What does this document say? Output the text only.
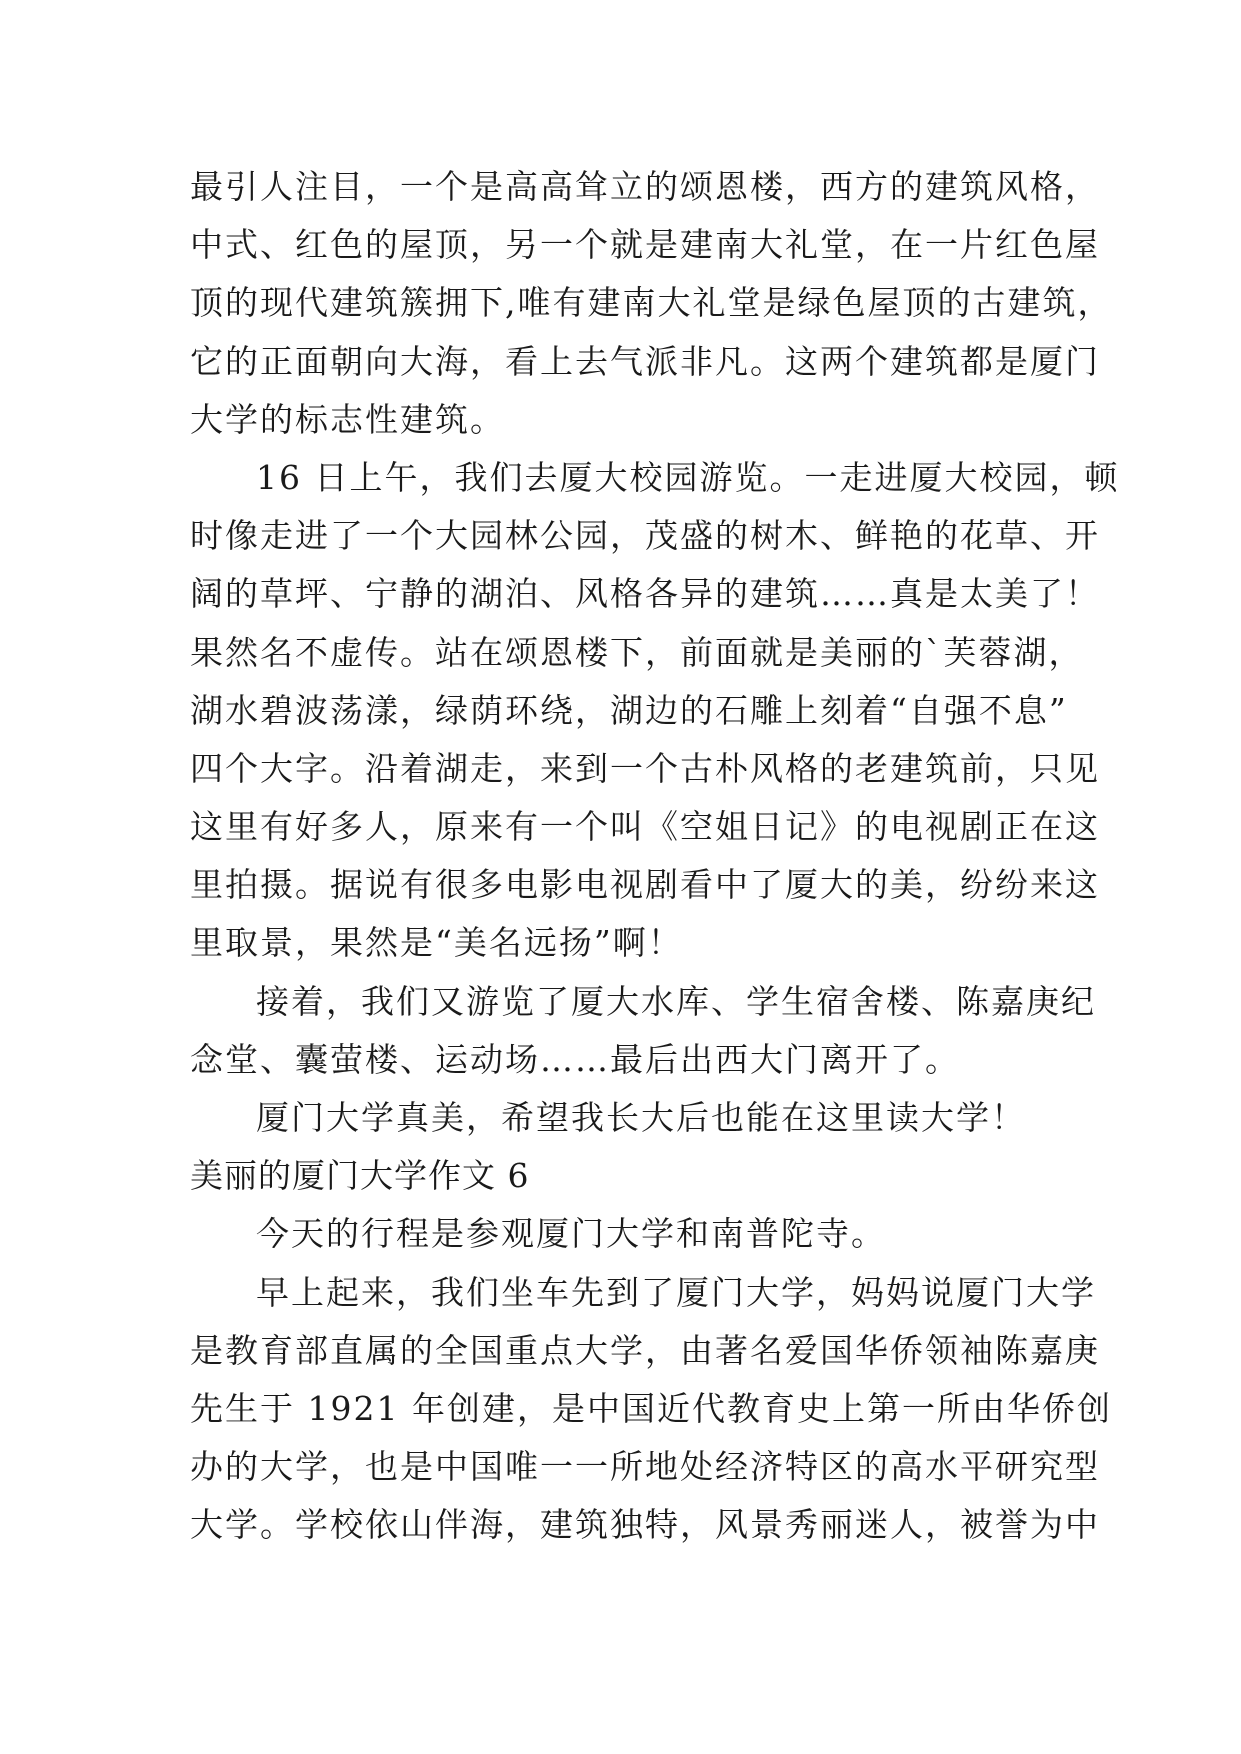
最引人注目，一个是高高耸立的颂恩楼，西方的建筑风格，
中式、红色的屋顶，另一个就是建南大礼堂，在一片红色屋
顶的现代建筑簇拥下,唯有建南大礼堂是绿色屋顶的古建筑，
它的正面朝向大海，看上去气派非凡。这两个建筑都是厦门
大学的标志性建筑。
16 日上午，我们去厦大校园游览。一走进厦大校园，顿
时像走进了一个大园林公园，茂盛的树木、鲜艳的花草、开
阔的草坪、宁静的湖泊、风格各异的建筑……真是太美了！
果然名不虚传。站在颂恩楼下，前面就是美丽的`芙蓉湖，
湖水碧波荡漾，绿荫环绕，湖边的石雕上刻着“自强不息”
四个大字。沿着湖走，来到一个古朴风格的老建筑前，只见
这里有好多人，原来有一个叫《空姐日记》的电视剧正在这
里拍摄。据说有很多电影电视剧看中了厦大的美，纷纷来这
里取景，果然是“美名远扬”啊！
接着，我们又游览了厦大水库、学生宿舍楼、陈嘉庚纪
念堂、囊萤楼、运动场……最后出西大门离开了。
厦门大学真美，希望我长大后也能在这里读大学！
美丽的厦门大学作文 6
今天的行程是参观厦门大学和南普陀寺。
早上起来，我们坐车先到了厦门大学，妈妈说厦门大学
是教育部直属的全国重点大学，由著名爱国华侨领袖陈嘉庚
先生于 1921 年创建，是中国近代教育史上第一所由华侨创
办的大学，也是中国唯一一所地处经济特区的高水平研究型
大学。学校依山伴海，建筑独特，风景秀丽迷人，被誉为中
